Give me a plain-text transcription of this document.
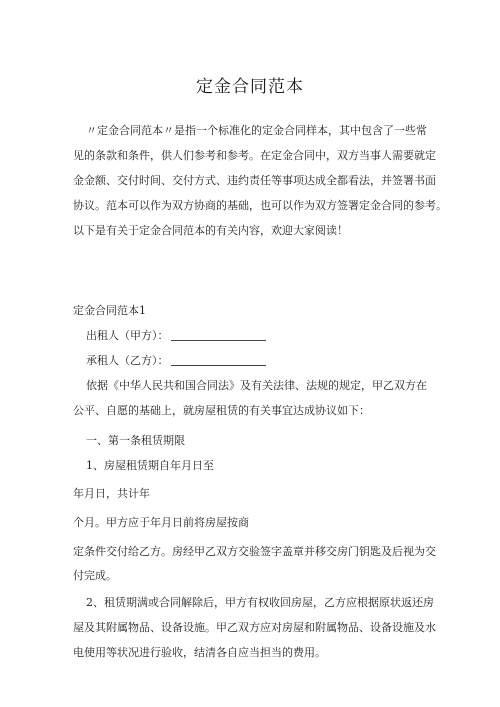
定金合同范本
〃定金合同范本〃是指一个标准化的定金合同样本，其中包含了一些常
见的条款和条件，供人们参考和参考。在定金合同中，双方当事人需要就定
金金额、交付时间、交付方式、违约责任等事项达成全都看法，并签署书面
协议。范本可以作为双方协商的基础，也可以作为双方签署定金合同的参考。
以下是有关于定金合同范本的有关内容，欢迎大家阅读！
定金合同范本1
出租人（甲方）：
承租人（乙方）：
依据《中华人民共和国合同法》及有关法律、法规的规定，甲乙双方在
公平、自愿的基础上，就房屋租赁的有关事宜达成协议如下：
一、第一条租赁期限
1、房屋租赁期自年月日至
年月日，共计年
个月。甲方应于年月日前将房屋按商
定条件交付给乙方。房经甲乙双方交验签字盖章并移交房门钥匙及后视为交
付完成。
2、租赁期满或合同解除后，甲方有权收回房屋，乙方应根据原状返还房
屋及其附属物品、设备设施。甲乙双方应对房屋和附属物品、设备设施及水
电使用等状况进行验收，结清各自应当担当的费用。
